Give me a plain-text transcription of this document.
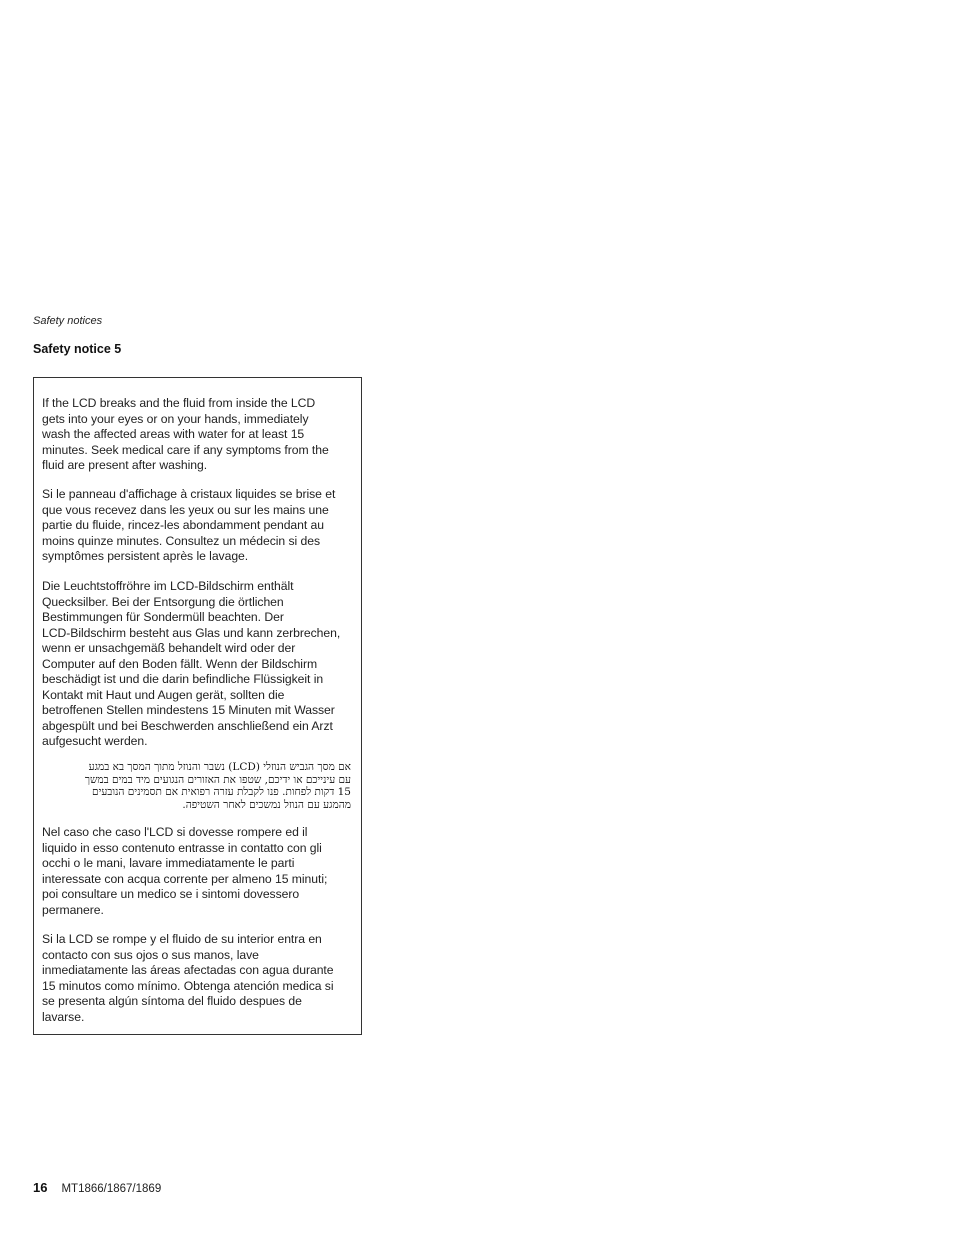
Safety notices
Safety notice 5
If the LCD breaks and the fluid from inside the LCD
gets into your eyes or on your hands, immediately
wash the affected areas with water for at least 15
minutes. Seek medical care if any symptoms from the
fluid are present after washing.
Si le panneau d'affichage à cristaux liquides se brise et
que vous recevez dans les yeux ou sur les mains une
partie du fluide, rincez-les abondamment pendant au
moins quinze minutes. Consultez un médecin si des
symptômes persistent après le lavage.
Die Leuchtstoffröhre im LCD-Bildschirm enthält
Quecksilber. Bei der Entsorgung die örtlichen
Bestimmungen für Sondermüll beachten. Der
LCD-Bildschirm besteht aus Glas und kann zerbrechen,
wenn er unsachgemäß behandelt wird oder der
Computer auf den Boden fällt. Wenn der Bildschirm
beschädigt ist und die darin befindliche Flüssigkeit in
Kontakt mit Haut und Augen gerät, sollten die
betroffenen Stellen mindestens 15 Minuten mit Wasser
abgespült und bei Beschwerden anschließend ein Arzt
aufgesucht werden.
אם מסך הגביש הנוזלי (LCD) נשבר והנוזל מתוך המסך בא במגע
עם עינייכם או ידיכם, שטפו את האזורים הנגועים מיד במים במשך
15 דקות לפחות. פנו לקבלת עזרה רפואית אם תסמינים הנובעים
מהמגע עם הנוזל נמשכים לאחר השטיפה.
Nel caso che caso l'LCD si dovesse rompere ed il
liquido in esso contenuto entrasse in contatto con gli
occhi o le mani, lavare immediatamente le parti
interessate con acqua corrente per almeno 15 minuti;
poi consultare un medico se i sintomi dovessero
permanere.
Si la LCD se rompe y el fluido de su interior entra en
contacto con sus ojos o sus manos, lave
inmediatamente las áreas afectadas con agua durante
15 minutos como mínimo. Obtenga atención medica si
se presenta algún síntoma del fluido despues de
lavarse.
16 MT1866/1867/1869
